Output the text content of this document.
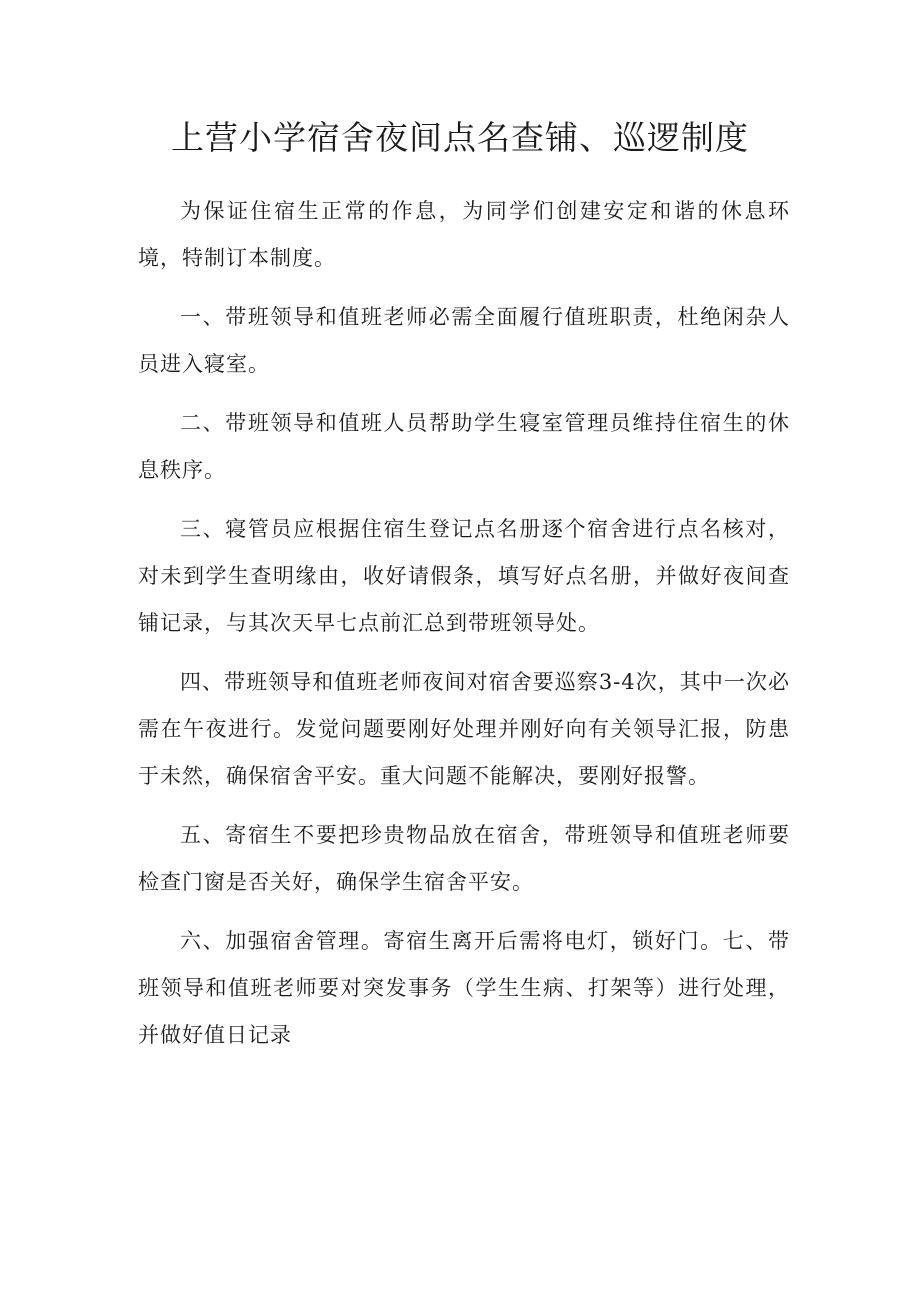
上营小学宿舍夜间点名查铺、巡逻制度

为保证住宿生正常的作息，为同学们创建安定和谐的休息环境，特制订本制度。

一、带班领导和值班老师必需全面履行值班职责，杜绝闲杂人员进入寝室。

二、带班领导和值班人员帮助学生寝室管理员维持住宿生的休息秩序。

三、寝管员应根据住宿生登记点名册逐个宿舍进行点名核对，对未到学生查明缘由，收好请假条，填写好点名册，并做好夜间查铺记录，与其次天早七点前汇总到带班领导处。

四、带班领导和值班老师夜间对宿舍要巡察3-4次，其中一次必需在午夜进行。发觉问题要刚好处理并刚好向有关领导汇报，防患于未然，确保宿舍平安。重大问题不能解决，要刚好报警。

五、寄宿生不要把珍贵物品放在宿舍，带班领导和值班老师要检查门窗是否关好，确保学生宿舍平安。

六、加强宿舍管理。寄宿生离开后需将电灯，锁好门。七、带班领导和值班老师要对突发事务（学生生病、打架等）进行处理，并做好值日记录
